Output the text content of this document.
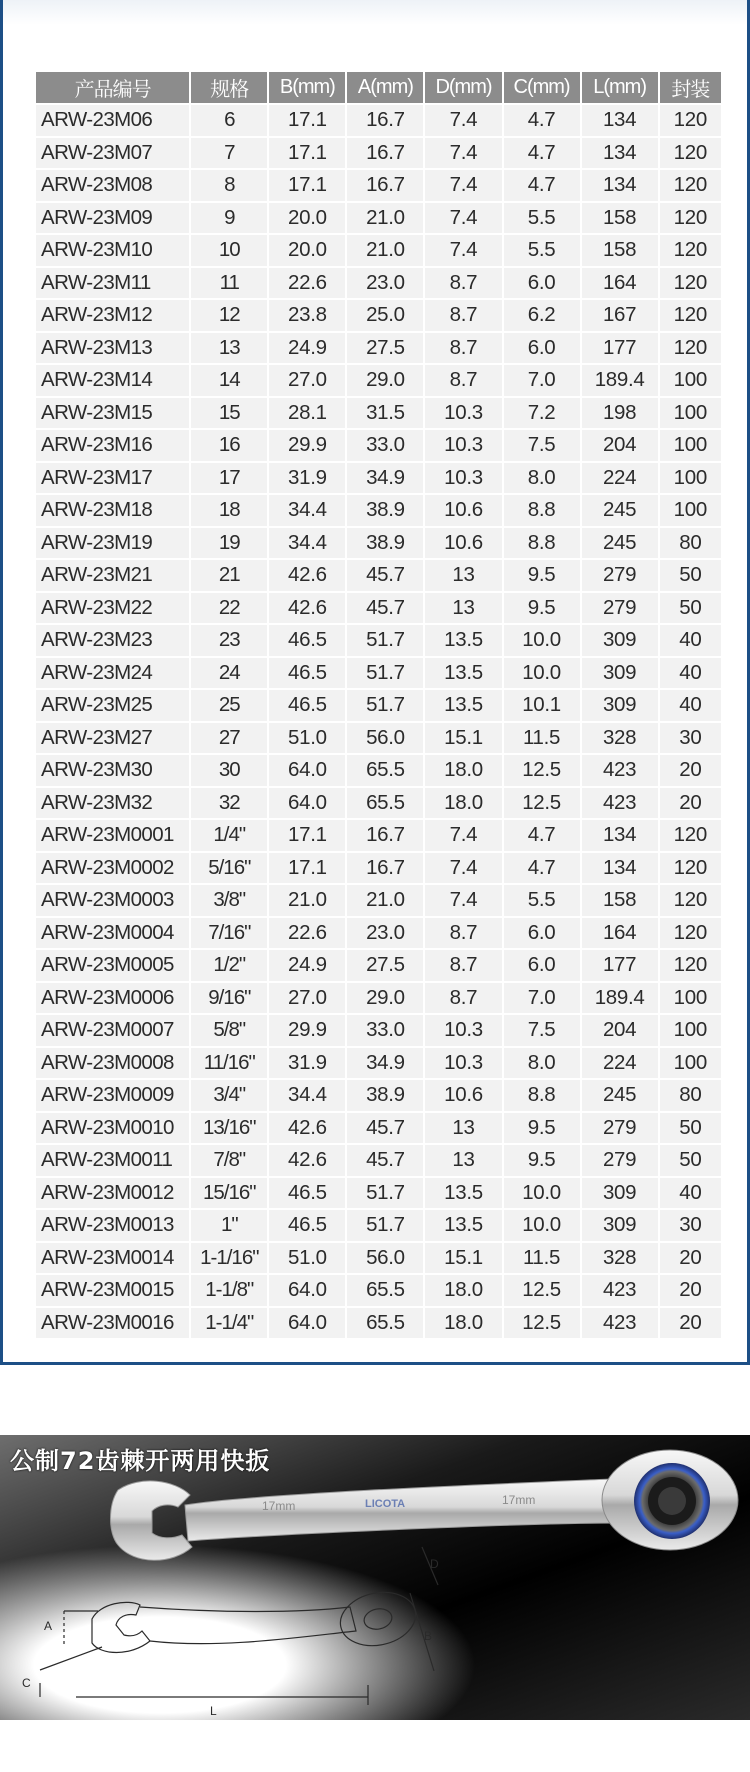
产品编号	规格	B(mm)	A(mm)	D(mm)	C(mm)	L(mm)	封装
ARW-23M06	6	17.1	16.7	7.4	4.7	134	120
ARW-23M07	7	17.1	16.7	7.4	4.7	134	120
ARW-23M08	8	17.1	16.7	7.4	4.7	134	120
ARW-23M09	9	20.0	21.0	7.4	5.5	158	120
ARW-23M10	10	20.0	21.0	7.4	5.5	158	120
ARW-23M11	11	22.6	23.0	8.7	6.0	164	120
ARW-23M12	12	23.8	25.0	8.7	6.2	167	120
ARW-23M13	13	24.9	27.5	8.7	6.0	177	120
ARW-23M14	14	27.0	29.0	8.7	7.0	189.4	100
ARW-23M15	15	28.1	31.5	10.3	7.2	198	100
ARW-23M16	16	29.9	33.0	10.3	7.5	204	100
ARW-23M17	17	31.9	34.9	10.3	8.0	224	100
ARW-23M18	18	34.4	38.9	10.6	8.8	245	100
ARW-23M19	19	34.4	38.9	10.6	8.8	245	80
ARW-23M21	21	42.6	45.7	13	9.5	279	50
ARW-23M22	22	42.6	45.7	13	9.5	279	50
ARW-23M23	23	46.5	51.7	13.5	10.0	309	40
ARW-23M24	24	46.5	51.7	13.5	10.0	309	40
ARW-23M25	25	46.5	51.7	13.5	10.1	309	40
ARW-23M27	27	51.0	56.0	15.1	11.5	328	30
ARW-23M30	30	64.0	65.5	18.0	12.5	423	20
ARW-23M32	32	64.0	65.5	18.0	12.5	423	20
ARW-23M0001	1/4"	17.1	16.7	7.4	4.7	134	120
ARW-23M0002	5/16"	17.1	16.7	7.4	4.7	134	120
ARW-23M0003	3/8"	21.0	21.0	7.4	5.5	158	120
ARW-23M0004	7/16"	22.6	23.0	8.7	6.0	164	120
ARW-23M0005	1/2"	24.9	27.5	8.7	6.0	177	120
ARW-23M0006	9/16"	27.0	29.0	8.7	7.0	189.4	100
ARW-23M0007	5/8"	29.9	33.0	10.3	7.5	204	100
ARW-23M0008	11/16"	31.9	34.9	10.3	8.0	224	100
ARW-23M0009	3/4"	34.4	38.9	10.6	8.8	245	80
ARW-23M0010	13/16"	42.6	45.7	13	9.5	279	50
ARW-23M0011	7/8"	42.6	45.7	13	9.5	279	50
ARW-23M0012	15/16"	46.5	51.7	13.5	10.0	309	40
ARW-23M0013	1"	46.5	51.7	13.5	10.0	309	30
ARW-23M0014	1-1/16"	51.0	56.0	15.1	11.5	328	20
ARW-23M0015	1-1/8"	64.0	65.5	18.0	12.5	423	20
ARW-23M0016	1-1/4"	64.0	65.5	18.0	12.5	423	20
公制72齿棘开两用快扳
17mm	LICOTA	17mm
A
B
C
D
L
